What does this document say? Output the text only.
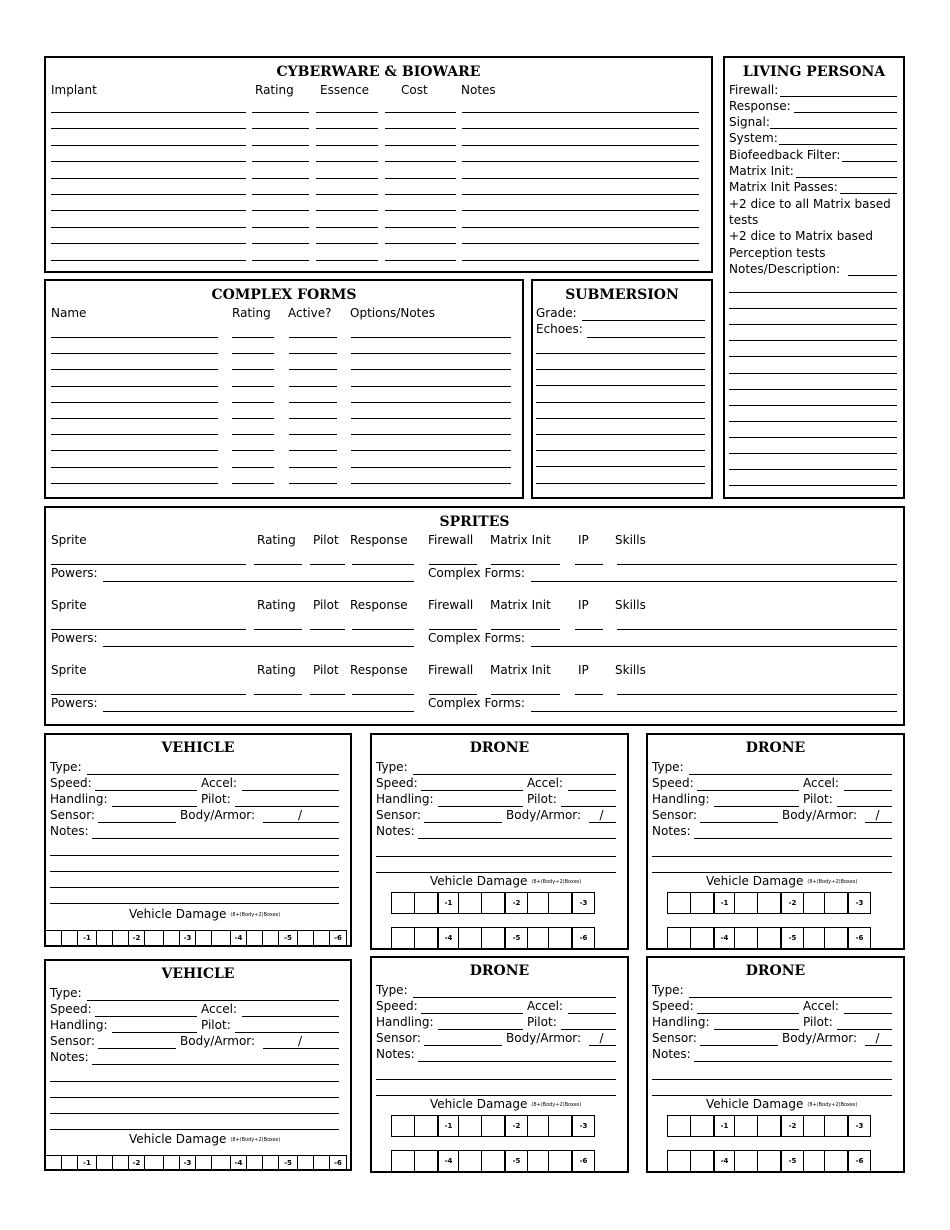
CYBERWARE & BIOWARE
Implant	Rating Essence	Cost	Notes
LIVING PERSONA
Firewall:
Response:
Signal:
System:
Biofeedback Filter:
Matrix Init:
Matrix Init Passes:
+2 dice to all Matrix based
tests
+2 dice to Matrix based
Perception tests
Notes/Description:
COMPLEX FORMS
Name	Rating Active? Options/Notes
SUBMERSION
Grade:
Echoes:
SPRITES
Sprite	Rating Pilot Response Firewall Matrix Init IP Skills
Powers:	Complex Forms:
Sprite	Rating Pilot Response Firewall Matrix Init IP Skills
Powers:	Complex Forms:
Sprite	Rating Pilot Response Firewall Matrix Init IP Skills
Powers:	Complex Forms:
VEHICLE
Type:
Speed:	Accel:
Handling:	Pilot:
Sensor:	Body/Armor:	/
Notes:
Vehicle Damage (8+(Body÷2)Boxes)
-1	-2	-3	-4	-5	-6
VEHICLE
Type:
Speed:	Accel:
Handling:	Pilot:
Sensor:	Body/Armor:	/
Notes:
Vehicle Damage (8+(Body÷2)Boxes)
-1	-2	-3	-4	-5	-6
DRONE
Type:
Speed:	Accel:
Handling:	Pilot:
Sensor:	Body/Armor: /
Notes:
Vehicle Damage (8+(Body÷2)Boxes)
-1	-2	-3
-4	-5	-6
DRONE
Type:
Speed:	Accel:
Handling:	Pilot:
Sensor:	Body/Armor: /
Notes:
Vehicle Damage (8+(Body÷2)Boxes)
-1	-2	-3
-4	-5	-6
DRONE
Type:
Speed:	Accel:
Handling:	Pilot:
Sensor:	Body/Armor: /
Notes:
Vehicle Damage (8+(Body÷2)Boxes)
-1	-2	-3
-4	-5	-6
DRONE
Type:
Speed:	Accel:
Handling:	Pilot:
Sensor:	Body/Armor: /
Notes:
Vehicle Damage (8+(Body÷2)Boxes)
-1	-2	-3
-4	-5	-6
